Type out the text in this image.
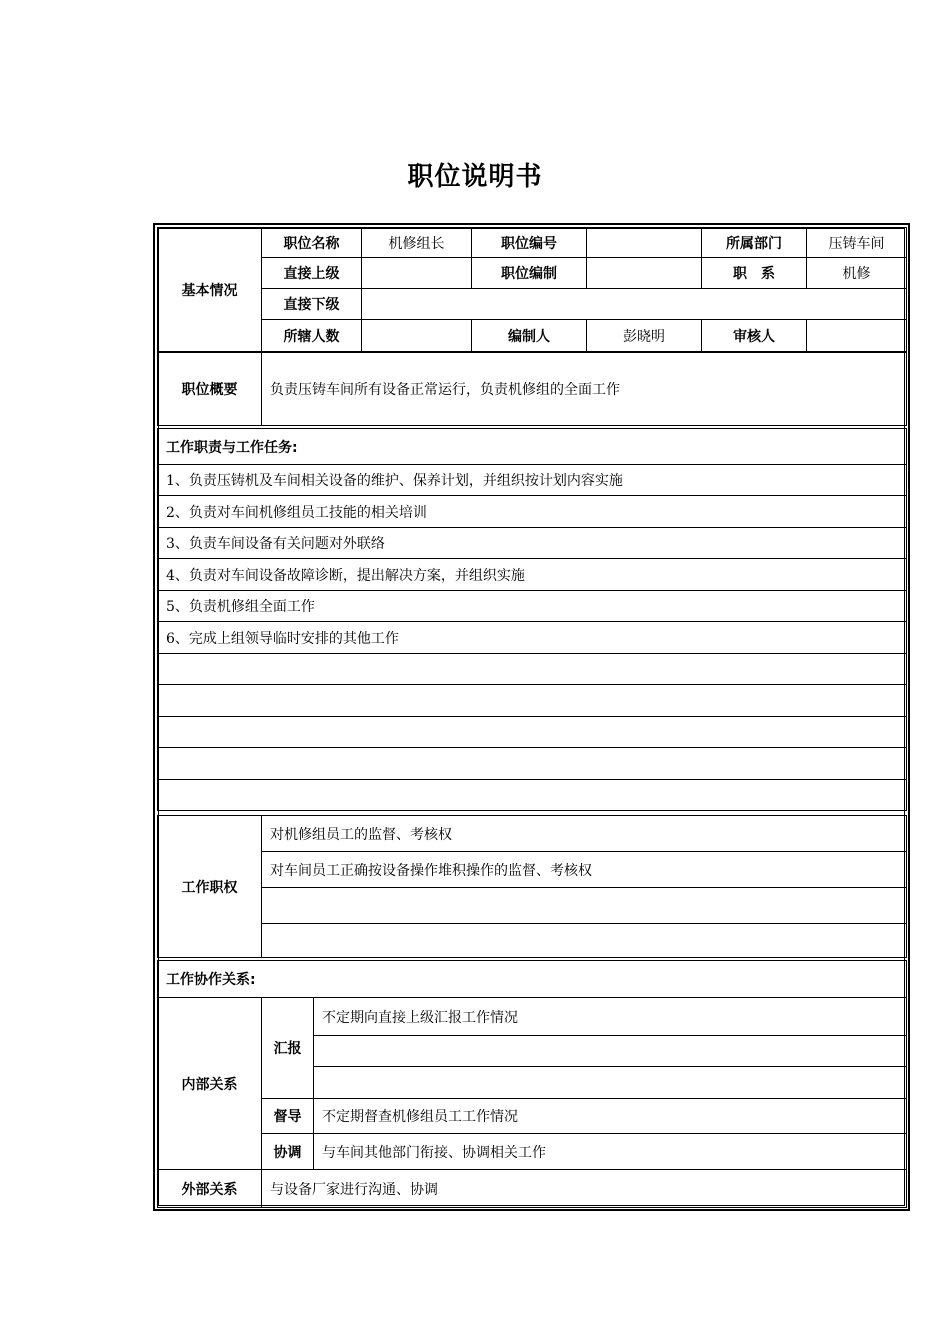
职位说明书
基本情况	职位名称	机修组长	职位编号		所属部门	压铸车间
	直接上级		职位编制		职　系	机修
	直接下级					
	所辖人数		编制人	彭晓明	审核人	
职位概要	负责压铸车间所有设备正常运行，负责机修组的全面工作
工作职责与工作任务:
1、负责压铸机及车间相关设备的维护、保养计划，并组织按计划内容实施
2、负责对车间机修组员工技能的相关培训
3、负责车间设备有关问题对外联络
4、负责对车间设备故障诊断，提出解决方案，并组织实施
5、负责机修组全面工作
6、完成上组领导临时安排的其他工作

工作职权	对机修组员工的监督、考核权
对车间员工正确按设备操作堆积操作的监督、考核权

工作协作关系:		
内部关系	汇报	不定期向直接上级汇报工作情况

	督导	不定期督查机修组员工工作情况
	协调	与车间其他部门衔接、协调相关工作
外部关系	与设备厂家进行沟通、协调	
